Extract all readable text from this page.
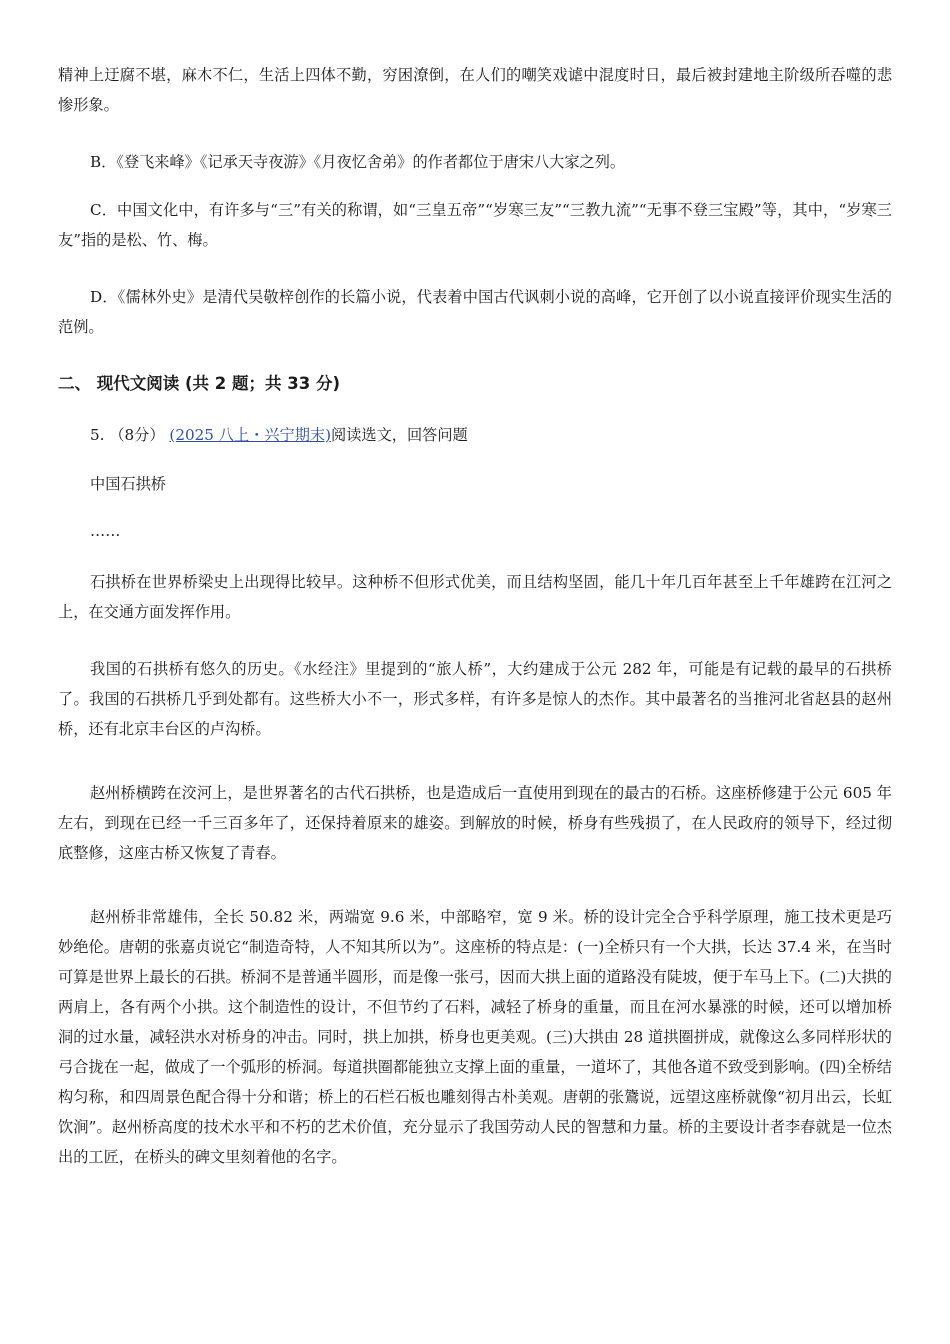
精神上迂腐不堪，麻木不仁，生活上四体不勤，穷困潦倒，在人们的嘲笑戏谑中混度时日，最后被封建地主阶级所吞噬的悲惨形象。

B．《登飞来峰》《记承天寺夜游》《月夜忆舍弟》的作者都位于唐宋八大家之列。

C．中国文化中，有许多与“三”有关的称谓，如“三皇五帝”“岁寒三友”“三教九流”“无事不登三宝殿”等，其中，“岁寒三友”指的是松、竹、梅。

D．《儒林外史》是清代吴敬梓创作的长篇小说，代表着中国古代讽刺小说的高峰，它开创了以小说直接评价现实生活的范例。

二、 现代文阅读 (共 2 题；共 33 分)

5. （8分） (2025 八上・兴宁期末)阅读选文，回答问题

中国石拱桥

……

石拱桥在世界桥梁史上出现得比较早。这种桥不但形式优美，而且结构坚固，能几十年几百年甚至上千年雄跨在江河之上，在交通方面发挥作用。

我国的石拱桥有悠久的历史。《水经注》里提到的“旅人桥”，大约建成于公元 282 年，可能是有记载的最早的石拱桥了。我国的石拱桥几乎到处都有。这些桥大小不一，形式多样，有许多是惊人的杰作。其中最著名的当推河北省赵县的赵州桥，还有北京丰台区的卢沟桥。

赵州桥横跨在洨河上，是世界著名的古代石拱桥，也是造成后一直使用到现在的最古的石桥。这座桥修建于公元 605 年左右，到现在已经一千三百多年了，还保持着原来的雄姿。到解放的时候，桥身有些残损了，在人民政府的领导下，经过彻底整修，这座古桥又恢复了青春。

赵州桥非常雄伟，全长 50.82 米，两端宽 9.6 米，中部略窄，宽 9 米。桥的设计完全合乎科学原理，施工技术更是巧妙绝伦。唐朝的张嘉贞说它“制造奇特，人不知其所以为”。这座桥的特点是：(一)全桥只有一个大拱，长达 37.4 米，在当时可算是世界上最长的石拱。桥洞不是普通半圆形，而是像一张弓，因而大拱上面的道路没有陡坡，便于车马上下。(二)大拱的两肩上，各有两个小拱。这个制造性的设计，不但节约了石料，减轻了桥身的重量，而且在河水暴涨的时候，还可以增加桥洞的过水量，减轻洪水对桥身的冲击。同时，拱上加拱，桥身也更美观。(三)大拱由 28 道拱圈拼成，就像这么多同样形状的弓合拢在一起，做成了一个弧形的桥洞。每道拱圈都能独立支撑上面的重量，一道坏了，其他各道不致受到影响。(四)全桥结构匀称，和四周景色配合得十分和谐；桥上的石栏石板也雕刻得古朴美观。唐朝的张鷟说，远望这座桥就像“初月出云，长虹饮涧”。赵州桥高度的技术水平和不朽的艺术价值，充分显示了我国劳动人民的智慧和力量。桥的主要设计者李春就是一位杰出的工匠，在桥头的碑文里刻着他的名字。
